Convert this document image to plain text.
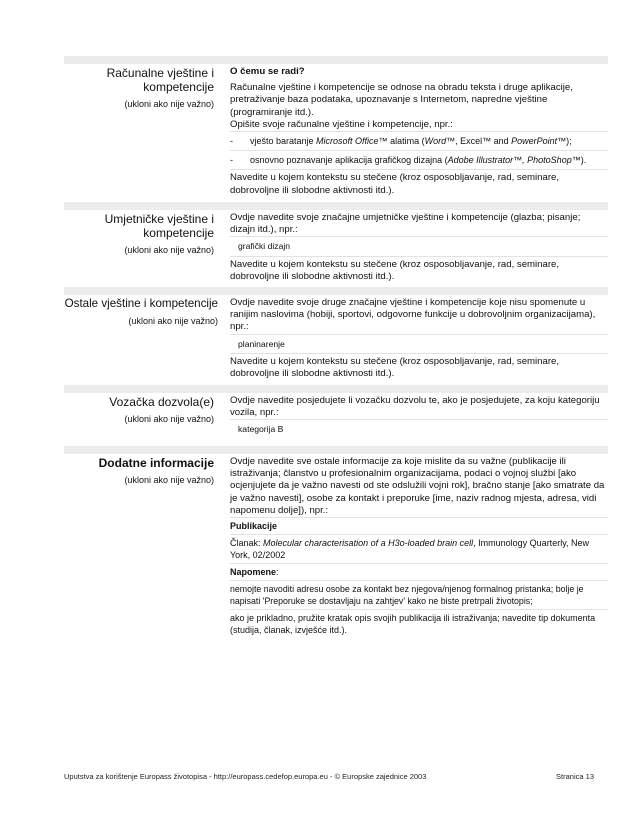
Računalne vještine i
kompetencije
(ukloni ako nije važno)
O čemu se radi?
Računalne vještine i kompetencije se odnose na obradu teksta i druge aplikacije, pretraživanje baza podataka, upoznavanje s Internetom, napredne vještine (programiranje itd.).
Opišite svoje računalne vještine i kompetencije, npr.:
-	vješto baratanje Microsoft Office™ alatima (Word™, Excel™ and PowerPoint™);
-	osnovno poznavanje aplikacija grafičkog dizajna (Adobe Illustrator™, PhotoShop™).
Navedite u kojem kontekstu su stečene (kroz osposobljavanje, rad, seminare, dobrovoljne ili slobodne aktivnosti itd.).
Umjetničke vještine i
kompetencije
(ukloni ako nije važno)
Ovdje navedite svoje značajne umjetničke vještine i kompetencije (glazba; pisanje; dizajn itd.), npr.:
grafički dizajn
Navedite u kojem kontekstu su stečene (kroz osposobljavanje, rad, seminare, dobrovoljne ili slobodne aktivnosti itd.).
Ostale vještine i kompetencije
(ukloni ako nije važno)
Ovdje navedite svoje druge značajne vještine i kompetencije koje nisu spomenute u ranijim naslovima (hobiji, sportovi, odgovorne funkcije u dobrovoljnim organizacijama), npr.:
planinarenje
Navedite u kojem kontekstu su stečene (kroz osposobljavanje, rad, seminare, dobrovoljne ili slobodne aktivnosti itd.).
Vozačka dozvola(e)
(ukloni ako nije važno)
Ovdje navedite posjedujete li vozačku dozvolu te, ako je posjedujete, za koju kategoriju vozila, npr.:
kategorija B
Dodatne informacije
(ukloni ako nije važno)
Ovdje navedite sve ostale informacije za koje mislite da su važne (publikacije ili istraživanja; članstvo u profesionalnim organizacijama, podaci o vojnoj službi [ako ocjenjujete da je važno navesti od ste odslužili vojni rok], bračno stanje [ako smatrate da je važno navesti], osobe za kontakt i preporuke [ime, naziv radnog mjesta, adresa, vidi napomenu dolje]), npr.:
Publikacije
Članak: Molecular characterisation of a H3o-loaded brain cell, Immunology Quarterly, New York, 02/2002
Napomene:
nemojte navoditi adresu osobe za kontakt bez njegova/njenog formalnog pristanka; bolje je napisati 'Preporuke se dostavljaju na zahtjev' kako ne biste pretrpali životopis;
ako je prikladno, pružite kratak opis svojih publikacija ili istraživanja; navedite tip dokumenta (studija, članak, izvješće itd.).
Uputstva za korištenje Europass životopisa - http://europass.cedefop.europa.eu - © Europske zajednice 2003	Stranica 13
